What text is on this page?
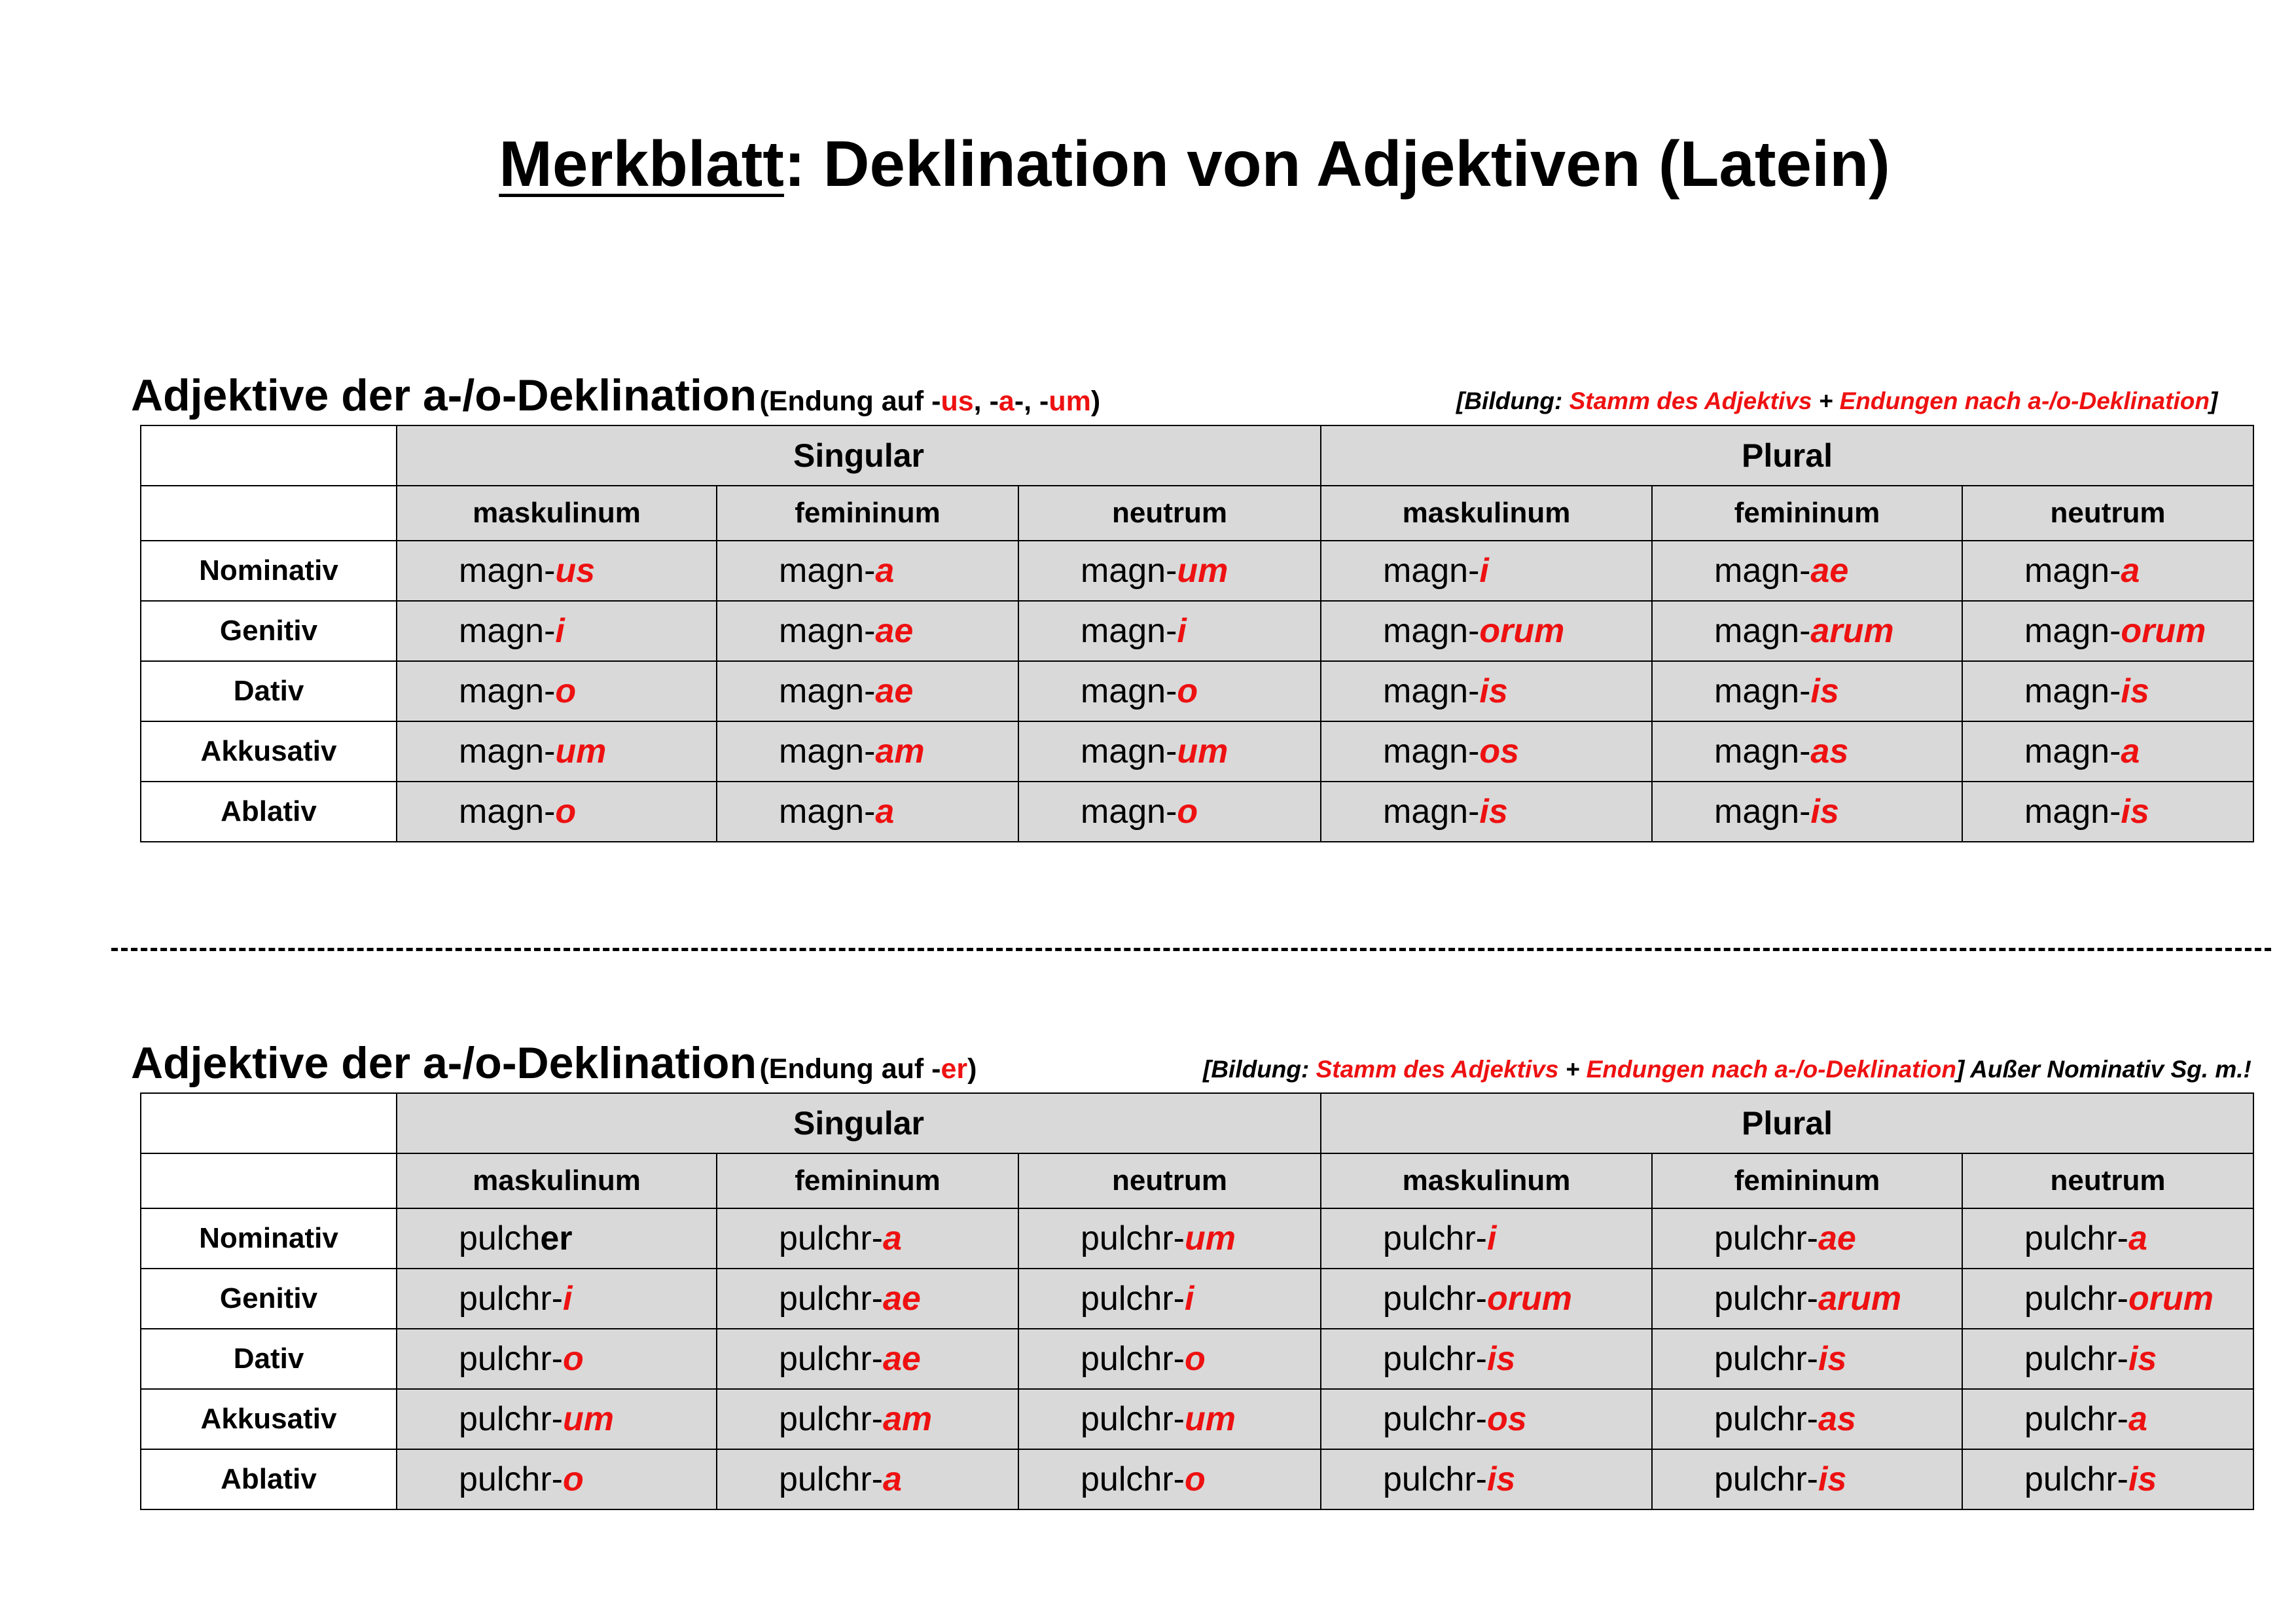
Merkblatt: Deklination von Adjektiven (Latein)
Adjektive der a-/o-Deklination (Endung auf -us, -a-, -um)	[Bildung: Stamm des Adjektivs + Endungen nach a-/o-Deklination]
	Singular			Plural		
	maskulinum	femininum	neutrum	maskulinum	femininum	neutrum
Nominativ	magn-us	magn-a	magn-um	magn-i	magn-ae	magn-a
Genitiv	magn-i	magn-ae	magn-i	magn-orum	magn-arum	magn-orum
Dativ	magn-o	magn-ae	magn-o	magn-is	magn-is	magn-is
Akkusativ	magn-um	magn-am	magn-um	magn-os	magn-as	magn-a
Ablativ	magn-o	magn-a	magn-o	magn-is	magn-is	magn-is
Adjektive der a-/o-Deklination (Endung auf -er)	[Bildung: Stamm des Adjektivs + Endungen nach a-/o-Deklination] Außer Nominativ Sg. m.!
	Singular			Plural		
	maskulinum	femininum	neutrum	maskulinum	femininum	neutrum
Nominativ	pulcher	pulchr-a	pulchr-um	pulchr-i	pulchr-ae	pulchr-a
Genitiv	pulchr-i	pulchr-ae	pulchr-i	pulchr-orum	pulchr-arum	pulchr-orum
Dativ	pulchr-o	pulchr-ae	pulchr-o	pulchr-is	pulchr-is	pulchr-is
Akkusativ	pulchr-um	pulchr-am	pulchr-um	pulchr-os	pulchr-as	pulchr-a
Ablativ	pulchr-o	pulchr-a	pulchr-o	pulchr-is	pulchr-is	pulchr-is
